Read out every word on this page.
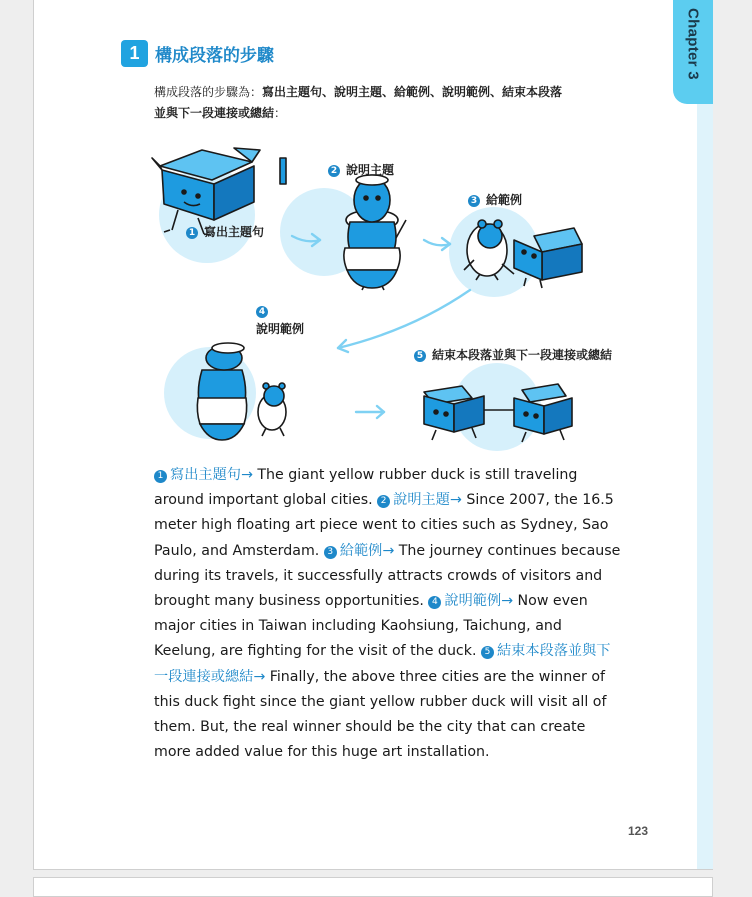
Chapter 3
1 構成段落的步驟
構成段落的步驟為：寫出主題句、說明主題、給範例、說明範例、結束本段落
並與下一段連接或總結：
1 寫出主題句
2 說明主題
3 給範例
4
說明範例
5 結束本段落並與下一段連接或總結
1 寫出主題句→ The giant yellow rubber duck is still traveling around important global cities. 2 說明主題→ Since 2007, the 16.5 meter high floating art piece went to cities such as Sydney, Sao Paulo, and Amsterdam. 3 給範例→ The journey continues because during its travels, it successfully attracts crowds of visitors and brought many business opportunities. 4 說明範例→ Now even major cities in Taiwan including Kaohsiung, Taichung, and Keelung, are fighting for the visit of the duck. 5 結束本段落並與下一段連接或總結→ Finally, the above three cities are the winner of this duck fight since the giant yellow rubber duck will visit all of them. But, the real winner should be the city that can create more added value for this huge art installation.
123
